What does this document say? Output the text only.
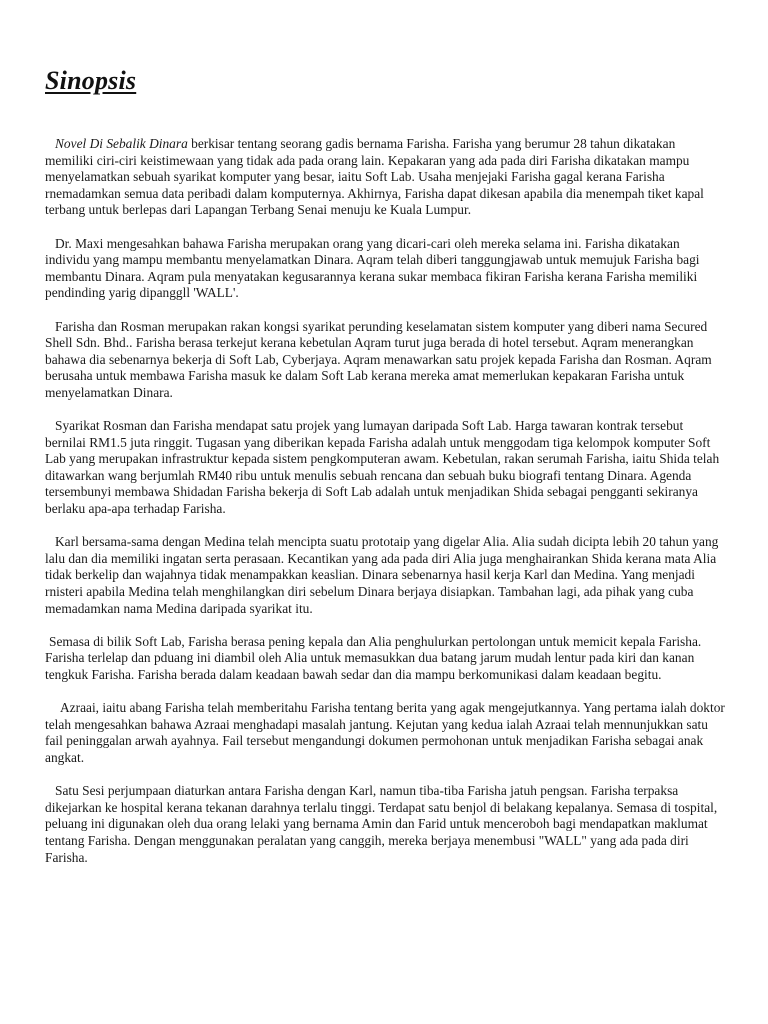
Sinopsis

Novel Di Sebalik Dinara berkisar tentang seorang gadis bernama Farisha. Farisha yang berumur 28 tahun dikatakan memiliki ciri-ciri keistimewaan yang tidak ada pada orang lain. Kepakaran yang ada pada diri Farisha dikatakan mampu menyelamatkan sebuah syarikat komputer yang besar, iaitu Soft Lab. Usaha menjejaki Farisha gagal kerana Farisha rnemadamkan semua data peribadi dalam komputernya. Akhirnya, Farisha dapat dikesan apabila dia menempah tiket kapal terbang untuk berlepas dari Lapangan Terbang Senai menuju ke Kuala Lumpur.

Dr. Maxi mengesahkan bahawa Farisha merupakan orang yang dicari-cari oleh mereka selama ini. Farisha dikatakan individu yang mampu membantu menyelamatkan Dinara. Aqram telah diberi tanggungjawab untuk memujuk Farisha bagi membantu Dinara. Aqram pula menyatakan kegusarannya kerana sukar membaca fikiran Farisha kerana Farisha memiliki pendinding yarig dipanggll 'WALL'.

Farisha dan Rosman merupakan rakan kongsi syarikat perunding keselamatan sistem komputer yang diberi nama Secured Shell Sdn. Bhd.. Farisha berasa terkejut kerana kebetulan Aqram turut juga berada di hotel tersebut. Aqram menerangkan bahawa dia sebenarnya bekerja di Soft Lab, Cyberjaya. Aqram menawarkan satu projek kepada Farisha dan Rosman. Aqram berusaha untuk membawa Farisha masuk ke dalam Soft Lab kerana mereka amat memerlukan kepakaran Farisha untuk menyelamatkan Dinara.

Syarikat Rosman dan Farisha mendapat satu projek yang lumayan daripada Soft Lab. Harga tawaran kontrak tersebut bernilai RM1.5 juta ringgit. Tugasan yang diberikan kepada Farisha adalah untuk menggodam tiga kelompok komputer Soft Lab yang merupakan infrastruktur kepada sistem pengkomputeran awam. Kebetulan, rakan serumah Farisha, iaitu Shida telah ditawarkan wang berjumlah RM40 ribu untuk menulis sebuah rencana dan sebuah buku biografi tentang Dinara. Agenda tersembunyi membawa Shidadan Farisha bekerja di Soft Lab adalah untuk menjadikan Shida sebagai pengganti sekiranya berlaku apa-apa terhadap Farisha.

Karl bersama-sama dengan Medina telah mencipta suatu prototaip yang digelar Alia. Alia sudah dicipta lebih 20 tahun yang lalu dan dia memiliki ingatan serta perasaan. Kecantikan yang ada pada diri Alia juga menghairankan Shida kerana mata Alia tidak berkelip dan wajahnya tidak menampakkan keaslian. Dinara sebenarnya hasil kerja Karl dan Medina. Yang menjadi rnisteri apabila Medina telah menghilangkan diri sebelum Dinara berjaya disiapkan. Tambahan lagi, ada pihak yang cuba memadamkan nama Medina daripada syarikat itu.

Semasa di bilik Soft Lab, Farisha berasa pening kepala dan Alia penghulurkan pertolongan untuk memicit kepala Farisha. Farisha terlelap dan pduang ini diambil oleh Alia untuk memasukkan dua batang jarum mudah lentur pada kiri dan kanan tengkuk Farisha. Farisha berada dalam keadaan bawah sedar dan dia mampu berkomunikasi dalam keadaan begitu.

Azraai, iaitu abang Farisha telah memberitahu Farisha tentang berita yang agak mengejutkannya. Yang pertama ialah doktor telah mengesahkan bahawa Azraai menghadapi masalah jantung. Kejutan yang kedua ialah Azraai telah mennunjukkan satu fail peninggalan arwah ayahnya. Fail tersebut mengandungi dokumen permohonan untuk menjadikan Farisha sebagai anak angkat.

Satu Sesi perjumpaan diaturkan antara Farisha dengan Karl, namun tiba-tiba Farisha jatuh pengsan. Farisha terpaksa dikejarkan ke hospital kerana tekanan darahnya terlalu tinggi. Terdapat satu benjol di belakang kepalanya. Semasa di tospital, peluang ini digunakan oleh dua orang lelaki yang bernama Amin dan Farid untuk menceroboh bagi mendapatkan maklumat tentang Farisha. Dengan menggunakan peralatan yang canggih, mereka berjaya menembusi "WALL" yang ada pada diri Farisha.
